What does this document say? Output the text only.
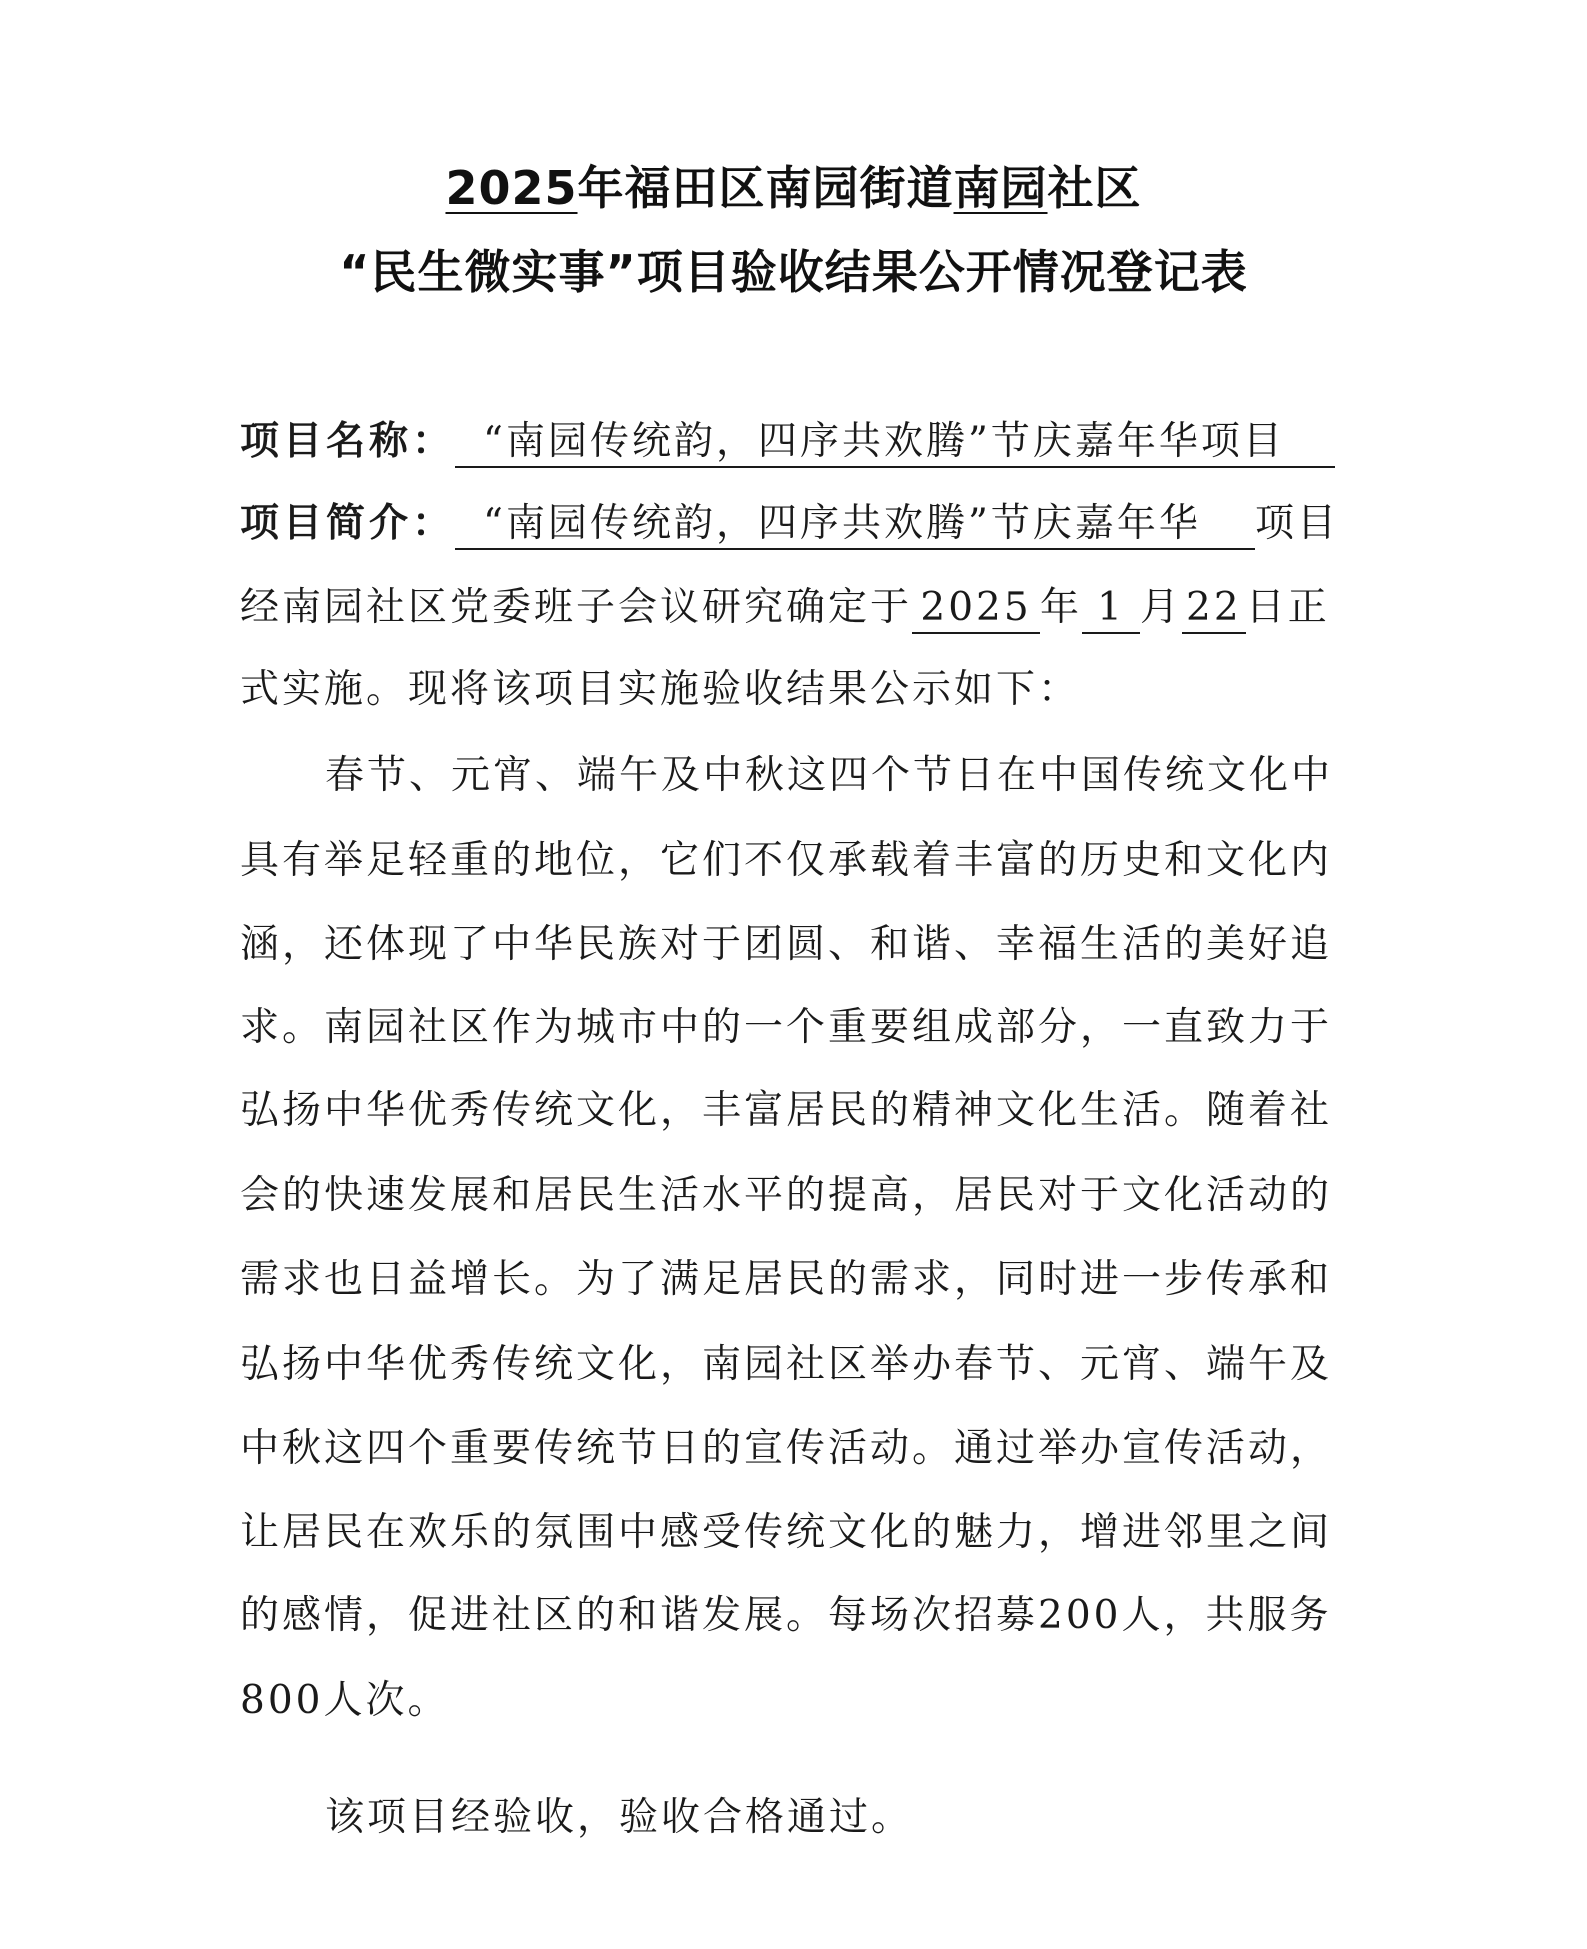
2025年福田区南园街道南园社区
“民生微实事”项目验收结果公开情况登记表
项目名称： “南园传统韵，四序共欢腾”节庆嘉年华项目
项目简介： “南园传统韵，四序共欢腾”节庆嘉年华 项目
经南园社区党委班子会议研究确定于 2025 年 1 月 22 日正
式实施。现将该项目实施验收结果公示如下：
春节、元宵、端午及中秋这四个节日在中国传统文化中
具有举足轻重的地位，它们不仅承载着丰富的历史和文化内
涵，还体现了中华民族对于团圆、和谐、幸福生活的美好追
求。南园社区作为城市中的一个重要组成部分，一直致力于
弘扬中华优秀传统文化，丰富居民的精神文化生活。随着社
会的快速发展和居民生活水平的提高，居民对于文化活动的
需求也日益增长。为了满足居民的需求，同时进一步传承和
弘扬中华优秀传统文化，南园社区举办春节、元宵、端午及
中秋这四个重要传统节日的宣传活动。通过举办宣传活动，
让居民在欢乐的氛围中感受传统文化的魅力，增进邻里之间
的感情，促进社区的和谐发展。每场次招募200人，共服务
800人次。
该项目经验收，验收合格通过。
